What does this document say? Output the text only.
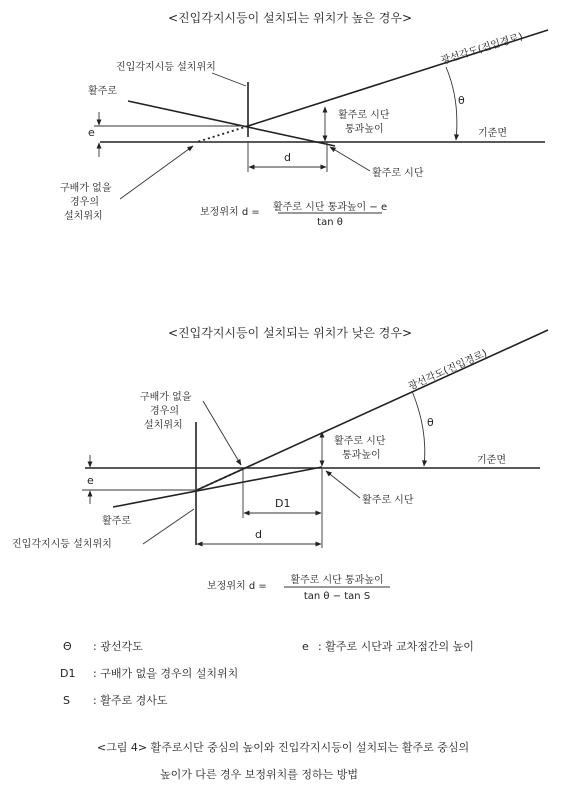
<진입각지시등이 설치되는 위치가 높은 경우>
e
활주로 시단
통과높이
d
θ
광선각도(진입경로)
진입각지시등 설치위치
활주로
기준면
활주로 시단
구배가 없을
경우의
설치위치	보정위치 d = 활주로 시단 통과높이 − e
tan θ
<진입각지시등이 설치되는 위치가 낮은 경우>
e
활주로 시단
통과높이
D1
d
θ
광선각도(진입경로)
구배가 없을
경우의
설치위치
기준면
활주로 시단
활주로
진입각지시등 설치위치
보정위치 d =
활주로 시단 통과높이
tan θ − tan S
Θ : 광선각도	e : 활주로 시단과 교차점간의 높이
D1 : 구배가 없을 경우의 설치위치
S : 활주로 경사도
<그림 4> 활주로시단 중심의 높이와 진입각지시등이 설치되는 활주로 중심의
높이가 다른 경우 보정위치를 정하는 방법
